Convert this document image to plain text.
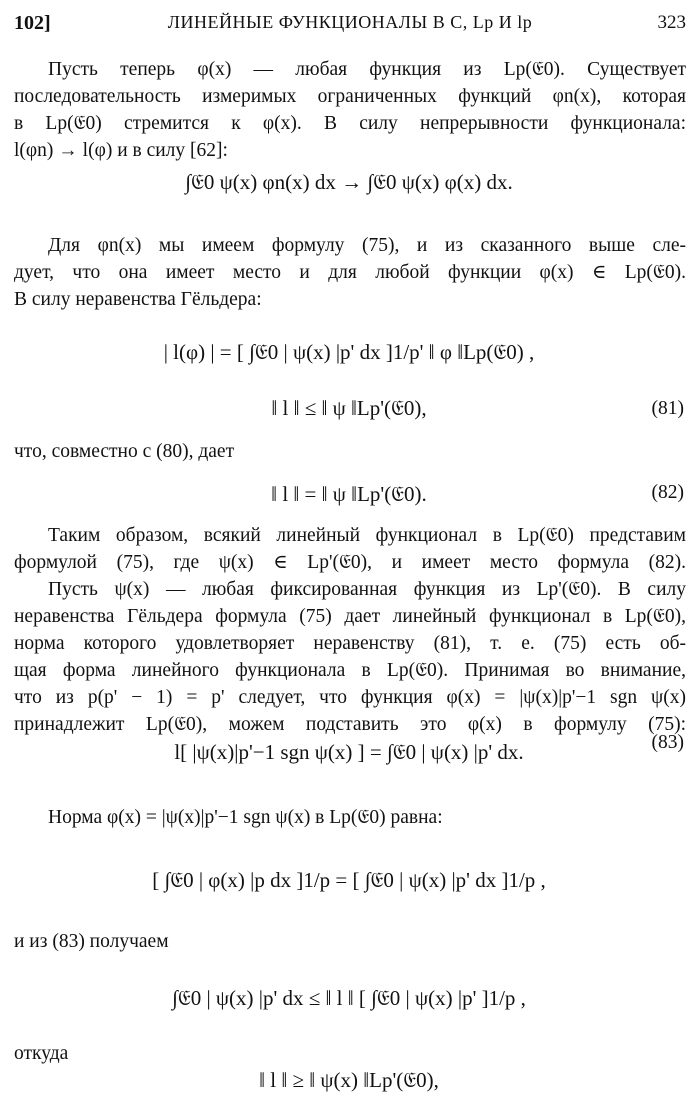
102]	ЛИНЕЙНЫЕ ФУНКЦИОНАЛЫ В C, Lp И lp	323
Пусть теперь φ(x) — любая функция из Lp(𝔈0). Существует
последовательность измеримых ограниченных функций φn(x), которая
в Lp(𝔈0) стремится к φ(x). В силу непрерывности функционала:
l(φn) → l(φ) и в силу [62]:
∫𝔈0 ψ(x) φn(x) dx → ∫𝔈0 ψ(x) φ(x) dx.
Для φn(x) мы имеем формулу (75), и из сказанного выше сле-
дует, что она имеет место и для любой функции φ(x) ∈ Lp(𝔈0).
В силу неравенства Гёльдера:
| l(φ) | = [ ∫𝔈0 | ψ(x) |p' dx ]1/p' ‖ φ ‖Lp(𝔈0) ,
‖ l ‖ ≤ ‖ ψ ‖Lp'(𝔈0),	(81)
что, совместно с (80), дает
‖ l ‖ = ‖ ψ ‖Lp'(𝔈0).	(82)
Таким образом, всякий линейный функционал в Lp(𝔈0) представим
формулой (75), где ψ(x) ∈ Lp'(𝔈0), и имеет место формула (82).
Пусть ψ(x) — любая фиксированная функция из Lp'(𝔈0). В силу
неравенства Гёльдера формула (75) дает линейный функционал в Lp(𝔈0),
норма которого удовлетворяет неравенству (81), т. е. (75) есть об-
щая форма линейного функционала в Lp(𝔈0). Принимая во внимание,
что из p(p' − 1) = p' следует, что функция φ(x) = |ψ(x)|p'−1 sgn ψ(x)
принадлежит Lp(𝔈0), можем подставить это φ(x) в формулу (75):
l[ |ψ(x)|p'−1 sgn ψ(x) ] = ∫𝔈0 | ψ(x) |p' dx.	(83)
Норма φ(x) = |ψ(x)|p'−1 sgn ψ(x) в Lp(𝔈0) равна:
[ ∫𝔈0 | φ(x) |p dx ]1/p = [ ∫𝔈0 | ψ(x) |p' dx ]1/p ,
и из (83) получаем
∫𝔈0 | ψ(x) |p' dx ≤ ‖ l ‖ [ ∫𝔈0 | ψ(x) |p' ]1/p ,
откуда
‖ l ‖ ≥ ‖ ψ(x) ‖Lp'(𝔈0),
